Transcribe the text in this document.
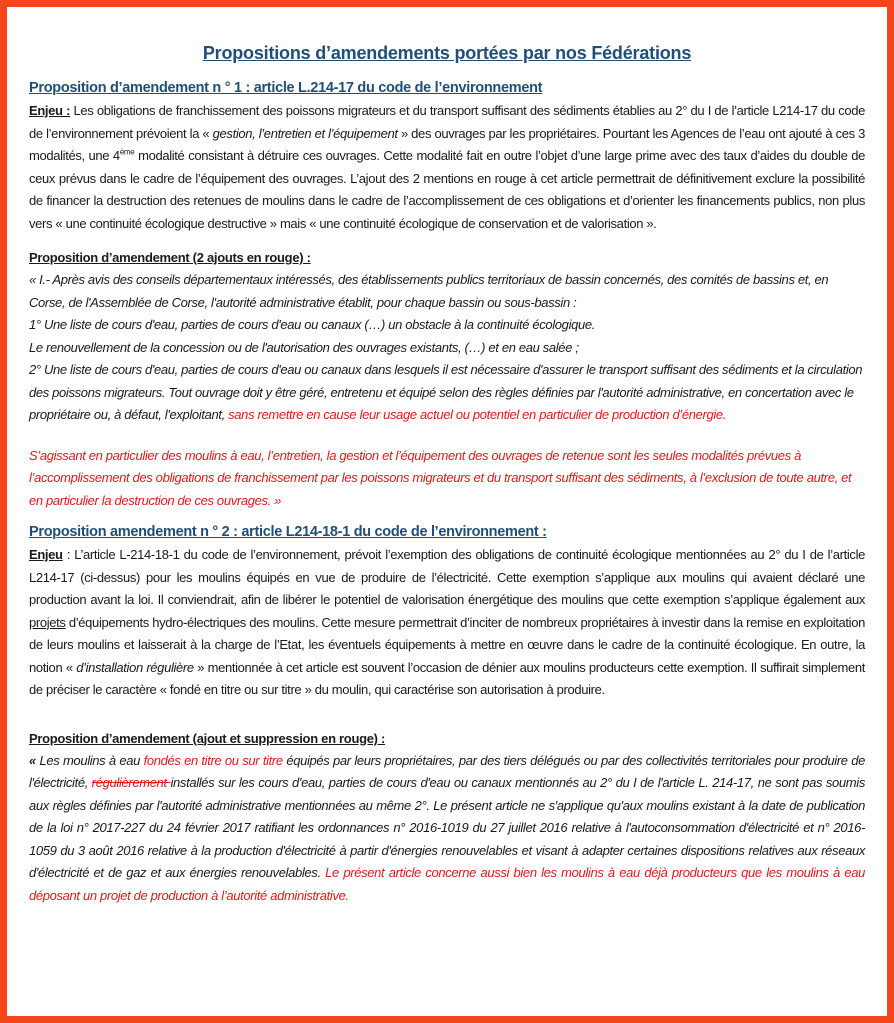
Propositions d’amendements portées par nos Fédérations
Proposition d’amendement n ° 1 : article L.214-17 du code de l’environnement

Enjeu : Les obligations de franchissement des poissons migrateurs et du transport suffisant des sédiments établies au 2° du I de l’article L214-17 du code de l’environnement prévoient la « gestion, l’entretien et l’équipement » des ouvrages par les propriétaires. Pourtant les Agences de l’eau ont ajouté à ces 3 modalités, une 4ème modalité consistant à détruire ces ouvrages. Cette modalité fait en outre l’objet d’une large prime avec des taux d’aides du double de ceux prévus dans le cadre de l’équipement des ouvrages. L’ajout des 2 mentions en rouge à cet article permettrait de définitivement exclure la possibilité de financer la destruction des retenues de moulins dans le cadre de l’accomplissement de ces obligations et d’orienter les financements publics, non plus vers « une continuité écologique destructive » mais « une continuité écologique de conservation et de valorisation ».

Proposition d’amendement (2 ajouts en rouge) :

« I.- Après avis des conseils départementaux intéressés, des établissements publics territoriaux de bassin concernés, des comités de bassins et, en Corse, de l'Assemblée de Corse, l'autorité administrative établit, pour chaque bassin ou sous-bassin :

1° Une liste de cours d'eau, parties de cours d'eau ou canaux (…) un obstacle à la continuité écologique.

Le renouvellement de la concession ou de l'autorisation des ouvrages existants, (…) et en eau salée ;

2° Une liste de cours d'eau, parties de cours d'eau ou canaux dans lesquels il est nécessaire d'assurer le transport suffisant des sédiments et la circulation des poissons migrateurs. Tout ouvrage doit y être géré, entretenu et équipé selon des règles définies par l'autorité administrative, en concertation avec le propriétaire ou, à défaut, l'exploitant, sans remettre en cause leur usage actuel ou potentiel en particulier de production d’énergie.

S’agissant en particulier des moulins à eau, l’entretien, la gestion et l’équipement des ouvrages de retenue sont les seules modalités prévues à l’accomplissement des obligations de franchissement par les poissons migrateurs et du transport suffisant des sédiments, à l’exclusion de toute autre, et en particulier la destruction de ces ouvrages. »

Proposition amendement n ° 2 : article L214-18-1 du code de l’environnement :

Enjeu : L’article L-214-18-1 du code de l’environnement, prévoit l’exemption des obligations de continuité écologique mentionnées au 2° du I de l’article L214-17 (ci-dessus) pour les moulins équipés en vue de produire de l’électricité. Cette exemption s’applique aux moulins qui avaient déclaré une production avant la loi. Il conviendrait, afin de libérer le potentiel de valorisation énergétique des moulins que cette exemption s’applique également aux projets d’équipements hydro-électriques des moulins. Cette mesure permettrait d’inciter de nombreux propriétaires à investir dans la remise en exploitation de leurs moulins et laisserait à la charge de l’Etat, les éventuels équipements à mettre en œuvre dans le cadre de la continuité écologique. En outre, la notion « d’installation régulière » mentionnée à cet article est souvent l’occasion de dénier aux moulins producteurs cette exemption. Il suffirait simplement de préciser le caractère « fondé en titre ou sur titre » du moulin, qui caractérise son autorisation à produire.

Proposition d’amendement (ajout et suppression en rouge) :

« Les moulins à eau fondés en titre ou sur titre équipés par leurs propriétaires, par des tiers délégués ou par des collectivités territoriales pour produire de l'électricité, régulièrement installés sur les cours d'eau, parties de cours d'eau ou canaux mentionnés au 2° du I de l'article L. 214-17, ne sont pas soumis aux règles définies par l'autorité administrative mentionnées au même 2°. Le présent article ne s'applique qu'aux moulins existant à la date de publication de la loi n° 2017-227 du 24 février 2017 ratifiant les ordonnances n° 2016-1019 du 27 juillet 2016 relative à l'autoconsommation d'électricité et n° 2016-1059 du 3 août 2016 relative à la production d'électricité à partir d'énergies renouvelables et visant à adapter certaines dispositions relatives aux réseaux d'électricité et de gaz et aux énergies renouvelables. Le présent article concerne aussi bien les moulins à eau déjà producteurs que les moulins à eau déposant un projet de production à l’autorité administrative.
